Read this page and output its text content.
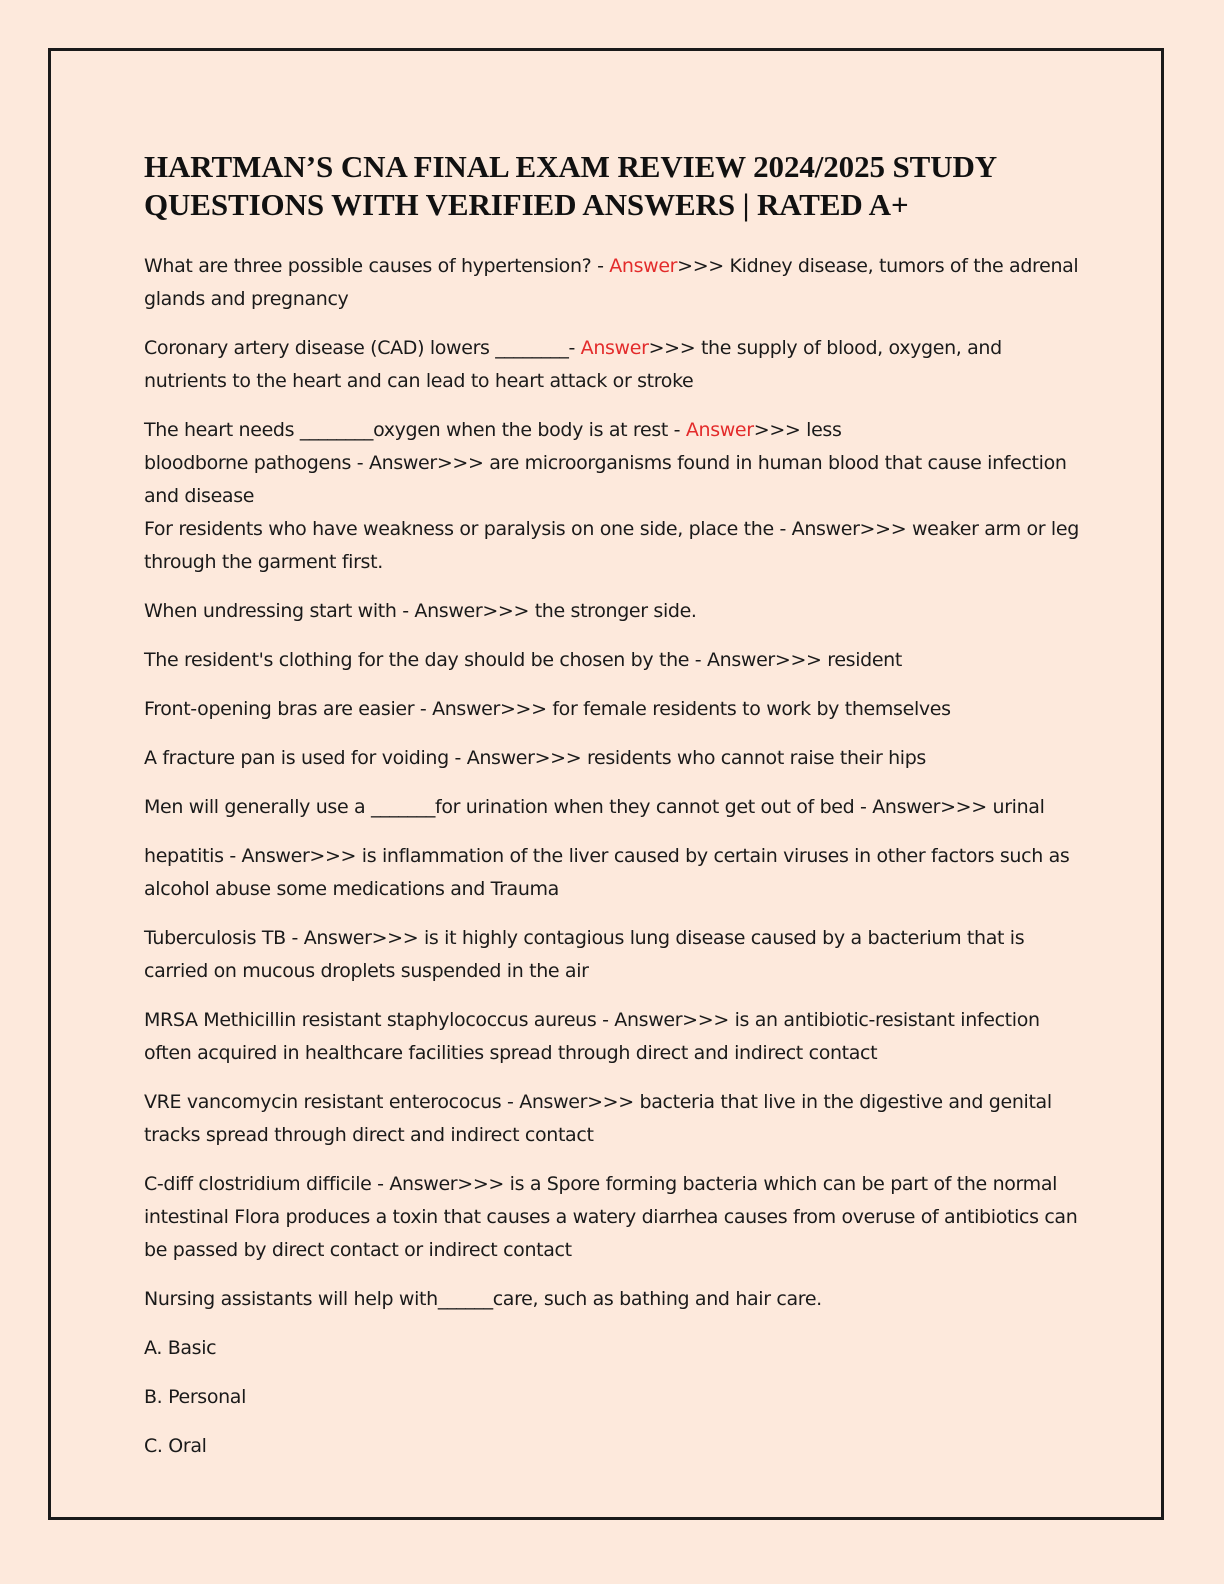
HARTMAN’S CNA FINAL EXAM REVIEW 2024/2025 STUDY QUESTIONS WITH VERIFIED ANSWERS | RATED A+

What are three possible causes of hypertension? - Answer>>> Kidney disease, tumors of the adrenal glands and pregnancy

Coronary artery disease (CAD) lowers ________- Answer>>> the supply of blood, oxygen, and nutrients to the heart and can lead to heart attack or stroke

The heart needs ________oxygen when the body is at rest - Answer>>> less

bloodborne pathogens - Answer>>> are microorganisms found in human blood that cause infection and disease

For residents who have weakness or paralysis on one side, place the - Answer>>> weaker arm or leg through the garment first.

When undressing start with - Answer>>> the stronger side.

The resident's clothing for the day should be chosen by the - Answer>>> resident

Front-opening bras are easier - Answer>>> for female residents to work by themselves

A fracture pan is used for voiding - Answer>>> residents who cannot raise their hips

Men will generally use a _______for urination when they cannot get out of bed - Answer>>> urinal

hepatitis - Answer>>> is inflammation of the liver caused by certain viruses in other factors such as alcohol abuse some medications and Trauma

Tuberculosis TB - Answer>>> is it highly contagious lung disease caused by a bacterium that is carried on mucous droplets suspended in the air

MRSA Methicillin resistant staphylococcus aureus - Answer>>> is an antibiotic-resistant infection often acquired in healthcare facilities spread through direct and indirect contact

VRE vancomycin resistant enterococus - Answer>>> bacteria that live in the digestive and genital tracks spread through direct and indirect contact

C-diff clostridium difficile - Answer>>> is a Spore forming bacteria which can be part of the normal intestinal Flora produces a toxin that causes a watery diarrhea causes from overuse of antibiotics can be passed by direct contact or indirect contact

Nursing assistants will help with______care, such as bathing and hair care.

A. Basic

B. Personal

C. Oral
